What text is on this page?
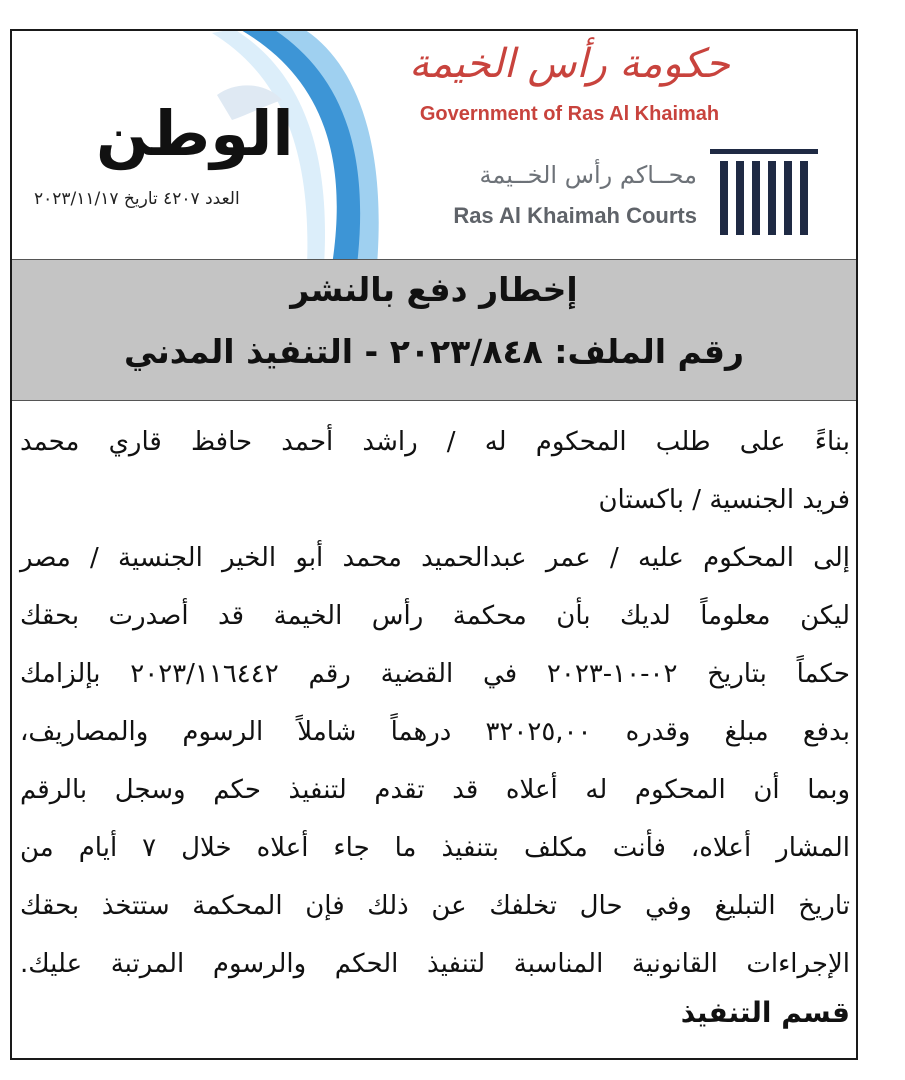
الوطن
العدد ٤٢٠٧ تاريخ ٢٠٢٣/١١/١٧
حكومة رأس الخيمة
Government of Ras Al Khaimah
محــاكم رأس الخــيمة
Ras Al Khaimah Courts
إخطار دفع بالنشر
رقم الملف: ٢٠٢٣/٨٤٨ - التنفيذ المدني
بناءً على طلب المحكوم له / راشد أحمد حافظ قاري محمد
فريد الجنسية / باكستان
إلى المحكوم عليه / عمر عبدالحميد محمد أبو الخير الجنسية / مصر
ليكن معلوماً لديك بأن محكمة رأس الخيمة قد أصدرت بحقك
حكماً بتاريخ ٠٢-١٠-٢٠٢٣ في القضية رقم ٢٠٢٣/١١٦٤٤٢ بإلزامك
بدفع مبلغ وقدره ٣٢٠٢٥,٠٠ درهماً شاملاً الرسوم والمصاريف،
وبما أن المحكوم له أعلاه قد تقدم لتنفيذ حكم وسجل بالرقم
المشار أعلاه، فأنت مكلف بتنفيذ ما جاء أعلاه خلال ٧ أيام من
تاريخ التبليغ وفي حال تخلفك عن ذلك فإن المحكمة ستتخذ بحقك
الإجراءات القانونية المناسبة لتنفيذ الحكم والرسوم المرتبة عليك.
قسم التنفيذ
